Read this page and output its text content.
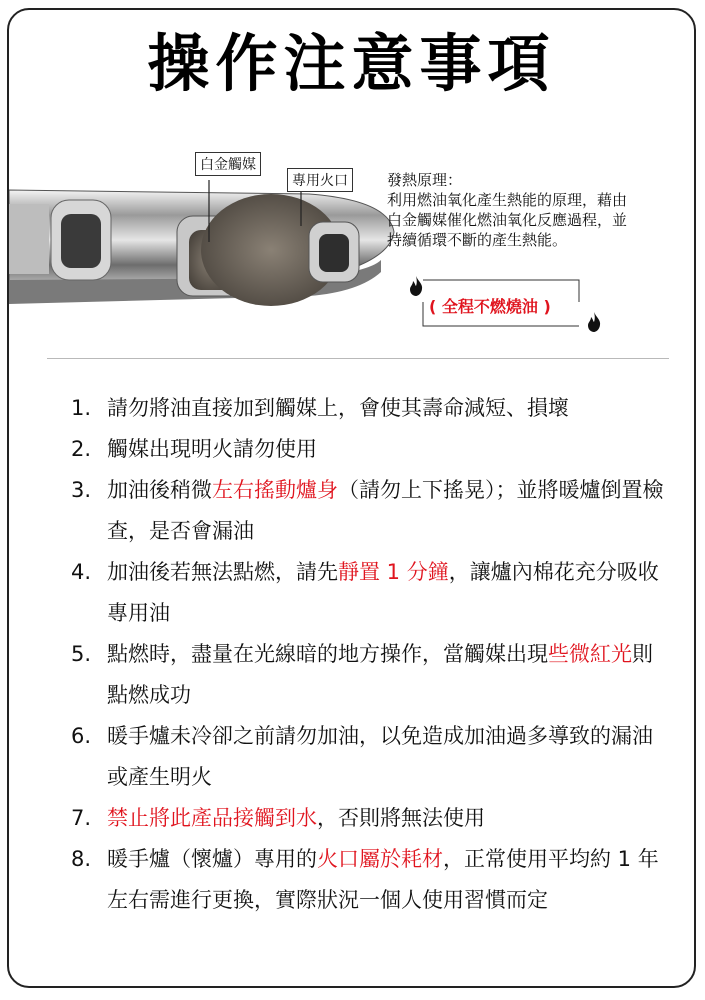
操作注意事項
白金觸媒
專用火口	發熱原理：
利用燃油氧化產生熱能的原理，藉由
白金觸媒催化燃油氧化反應過程，並
持續循環不斷的產生熱能。
( 全程不燃燒油 )
1. 請勿將油直接加到觸媒上，會使其壽命減短、損壞
2. 觸媒出現明火請勿使用
3. 加油後稍微左右搖動爐身（請勿上下搖晃）；並將暖爐倒置檢查，是否會漏油
4. 加油後若無法點燃，請先靜置 1 分鐘，讓爐內棉花充分吸收專用油
5. 點燃時，盡量在光線暗的地方操作，當觸媒出現些微紅光則點燃成功
6. 暖手爐未冷卻之前請勿加油，以免造成加油過多導致的漏油或產生明火
7. 禁止將此產品接觸到水，否則將無法使用
8. 暖手爐（懷爐）專用的火口屬於耗材，正常使用平均約 1 年左右需進行更換，實際狀況一個人使用習慣而定
